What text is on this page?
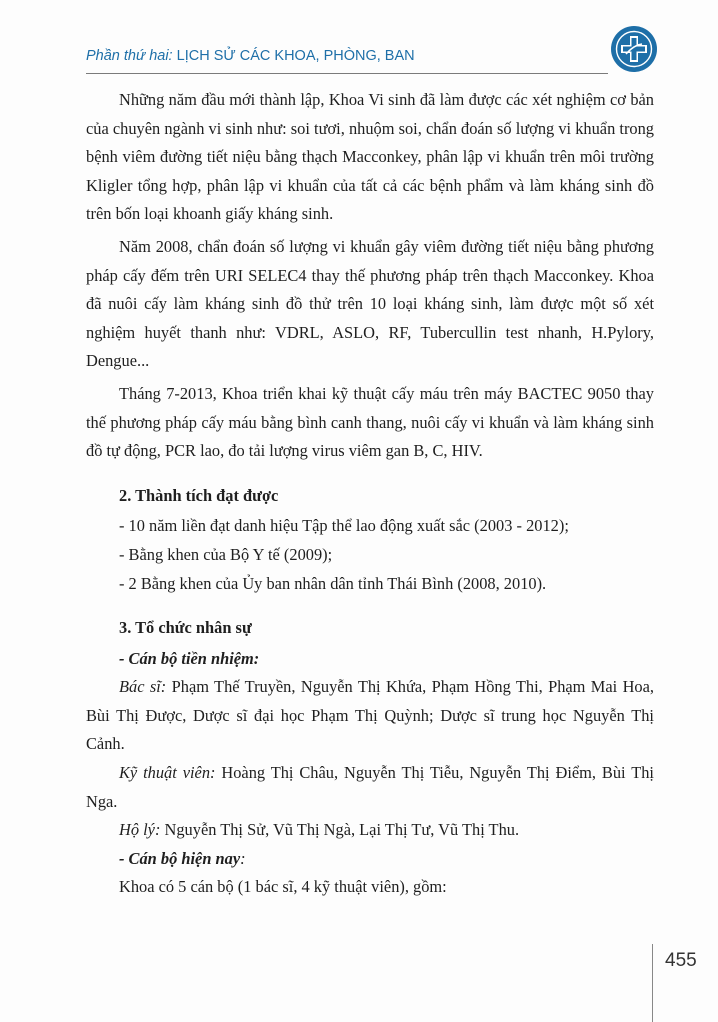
Phần thứ hai: LỊCH SỬ CÁC KHOA, PHÒNG, BAN

Những năm đầu mới thành lập, Khoa Vi sinh đã làm được các xét nghiệm cơ bản của chuyên ngành vi sinh như: soi tươi, nhuộm soi, chẩn đoán số lượng vi khuẩn trong bệnh viêm đường tiết niệu bằng thạch Macconkey, phân lập vi khuẩn trên môi trường Kligler tổng hợp, phân lập vi khuẩn của tất cả các bệnh phẩm và làm kháng sinh đồ trên bốn loại khoanh giấy kháng sinh.

Năm 2008, chẩn đoán số lượng vi khuẩn gây viêm đường tiết niệu bằng phương pháp cấy đếm trên URI SELEC4 thay thế phương pháp trên thạch Macconkey. Khoa đã nuôi cấy làm kháng sinh đồ thử trên 10 loại kháng sinh, làm được một số xét nghiệm huyết thanh như: VDRL, ASLO, RF, Tubercullin test nhanh, H.Pylory, Dengue...

Tháng 7-2013, Khoa triển khai kỹ thuật cấy máu trên máy BACTEC 9050 thay thế phương pháp cấy máu bằng bình canh thang, nuôi cấy vi khuẩn và làm kháng sinh đồ tự động, PCR lao, đo tải lượng virus viêm gan B, C, HIV.

2. Thành tích đạt được

- 10 năm liền đạt danh hiệu Tập thể lao động xuất sắc (2003 - 2012);

- Bằng khen của Bộ Y tế (2009);

- 2 Bằng khen của Ủy ban nhân dân tỉnh Thái Bình (2008, 2010).

3. Tổ chức nhân sự

- Cán bộ tiền nhiệm:

Bác sĩ: Phạm Thế Truyền, Nguyễn Thị Khứa, Phạm Hồng Thi, Phạm Mai Hoa, Bùi Thị Được, Dược sĩ đại học Phạm Thị Quỳnh; Dược sĩ trung học Nguyễn Thị Cảnh.

Kỹ thuật viên: Hoàng Thị Châu, Nguyễn Thị Tiễu, Nguyễn Thị Điểm, Bùi Thị Nga.

Hộ lý: Nguyễn Thị Sử, Vũ Thị Ngà, Lại Thị Tư, Vũ Thị Thu.

- Cán bộ hiện nay:

Khoa có 5 cán bộ (1 bác sĩ, 4 kỹ thuật viên), gồm:

455
